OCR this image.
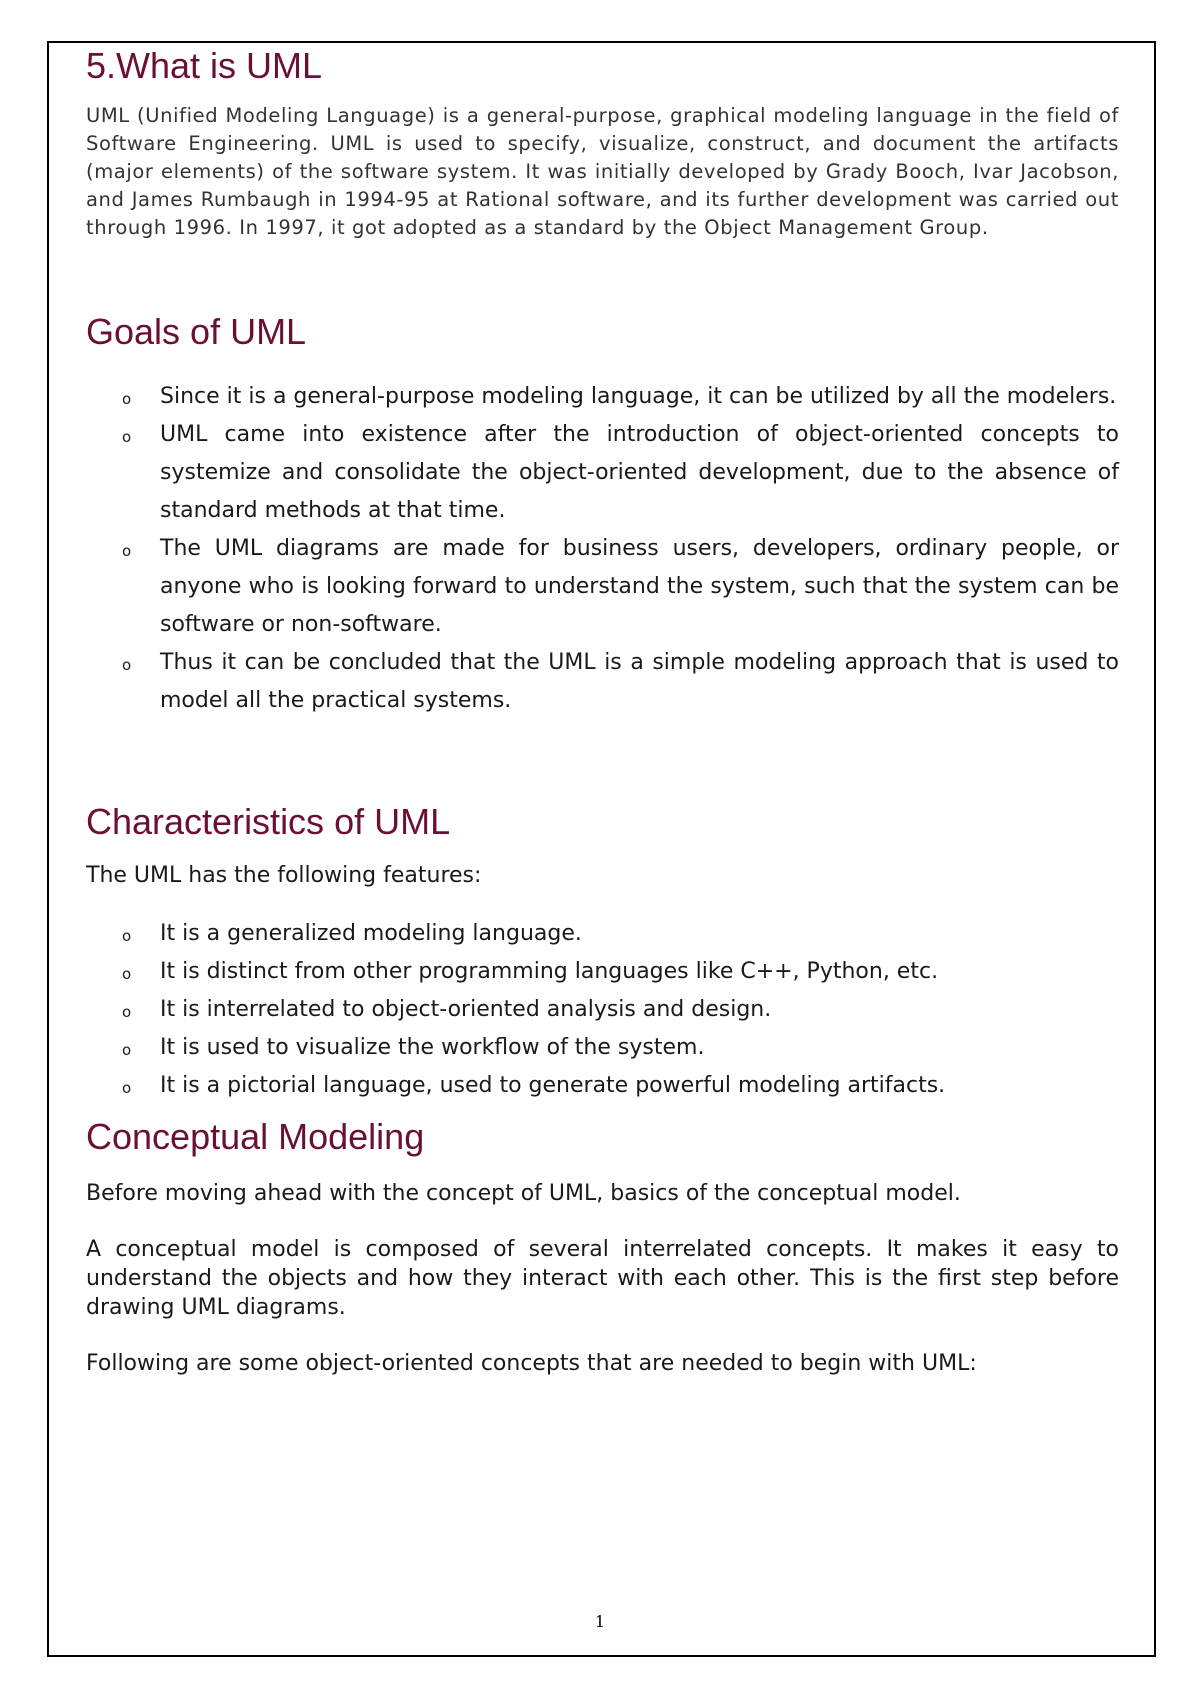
5.What is UML

UML (Unified Modeling Language) is a general-purpose, graphical modeling language in the field of Software Engineering. UML is used to specify, visualize, construct, and document the artifacts (major elements) of the software system. It was initially developed by Grady Booch, Ivar Jacobson, and James Rumbaugh in 1994-95 at Rational software, and its further development was carried out through 1996. In 1997, it got adopted as a standard by the Object Management Group.

Goals of UML
o Since it is a general-purpose modeling language, it can be utilized by all the modelers.
o UML came into existence after the introduction of object-oriented concepts to systemize and consolidate the object-oriented development, due to the absence of standard methods at that time.
o The UML diagrams are made for business users, developers, ordinary people, or anyone who is looking forward to understand the system, such that the system can be software or non-software.
o Thus it can be concluded that the UML is a simple modeling approach that is used to model all the practical systems.
Characteristics of UML

The UML has the following features:

o It is a generalized modeling language.
o It is distinct from other programming languages like C++, Python, etc.
o It is interrelated to object-oriented analysis and design.
o It is used to visualize the workflow of the system.
o It is a pictorial language, used to generate powerful modeling artifacts.
Conceptual Modeling

Before moving ahead with the concept of UML, basics of the conceptual model.

A conceptual model is composed of several interrelated concepts. It makes it easy to understand the objects and how they interact with each other. This is the first step before drawing UML diagrams.

Following are some object-oriented concepts that are needed to begin with UML:

1
